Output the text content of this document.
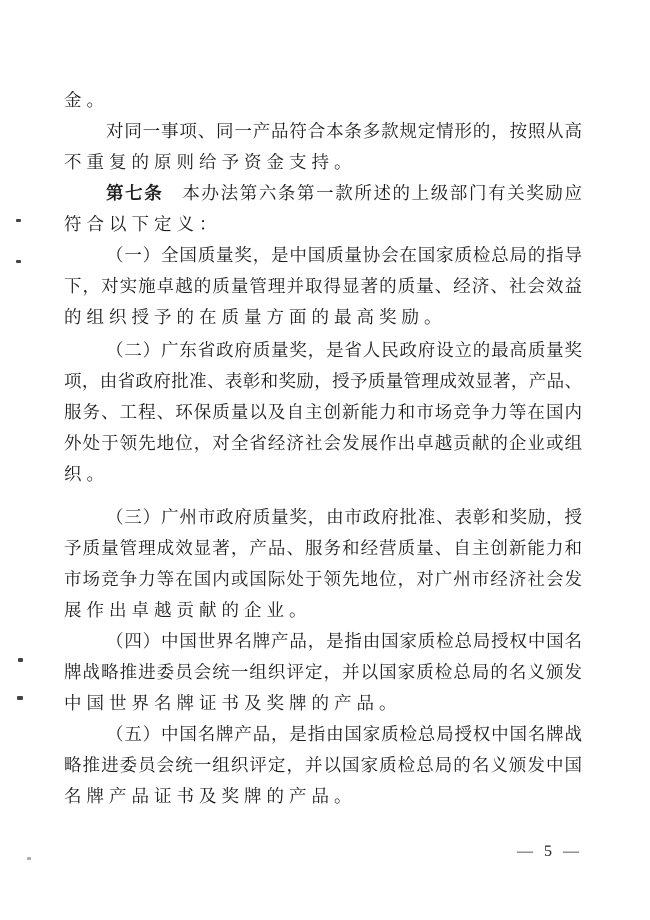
金。
对同一事项、同一产品符合本条多款规定情形的，按照从高
不重复的原则给予资金支持。
第七条　本办法第六条第一款所述的上级部门有关奖励应
符合以下定义：
（一）全国质量奖，是中国质量协会在国家质检总局的指导
下，对实施卓越的质量管理并取得显著的质量、经济、社会效益
的组织授予的在质量方面的最高奖励。
（二）广东省政府质量奖，是省人民政府设立的最高质量奖
项，由省政府批准、表彰和奖励，授予质量管理成效显著，产品、
服务、工程、环保质量以及自主创新能力和市场竞争力等在国内
外处于领先地位，对全省经济社会发展作出卓越贡献的企业或组
织。
（三）广州市政府质量奖，由市政府批准、表彰和奖励，授
予质量管理成效显著，产品、服务和经营质量、自主创新能力和
市场竞争力等在国内或国际处于领先地位，对广州市经济社会发
展作出卓越贡献的企业。
（四）中国世界名牌产品，是指由国家质检总局授权中国名
牌战略推进委员会统一组织评定，并以国家质检总局的名义颁发
中国世界名牌证书及奖牌的产品。
（五）中国名牌产品，是指由国家质检总局授权中国名牌战
略推进委员会统一组织评定，并以国家质检总局的名义颁发中国
名牌产品证书及奖牌的产品。
— 5 —
